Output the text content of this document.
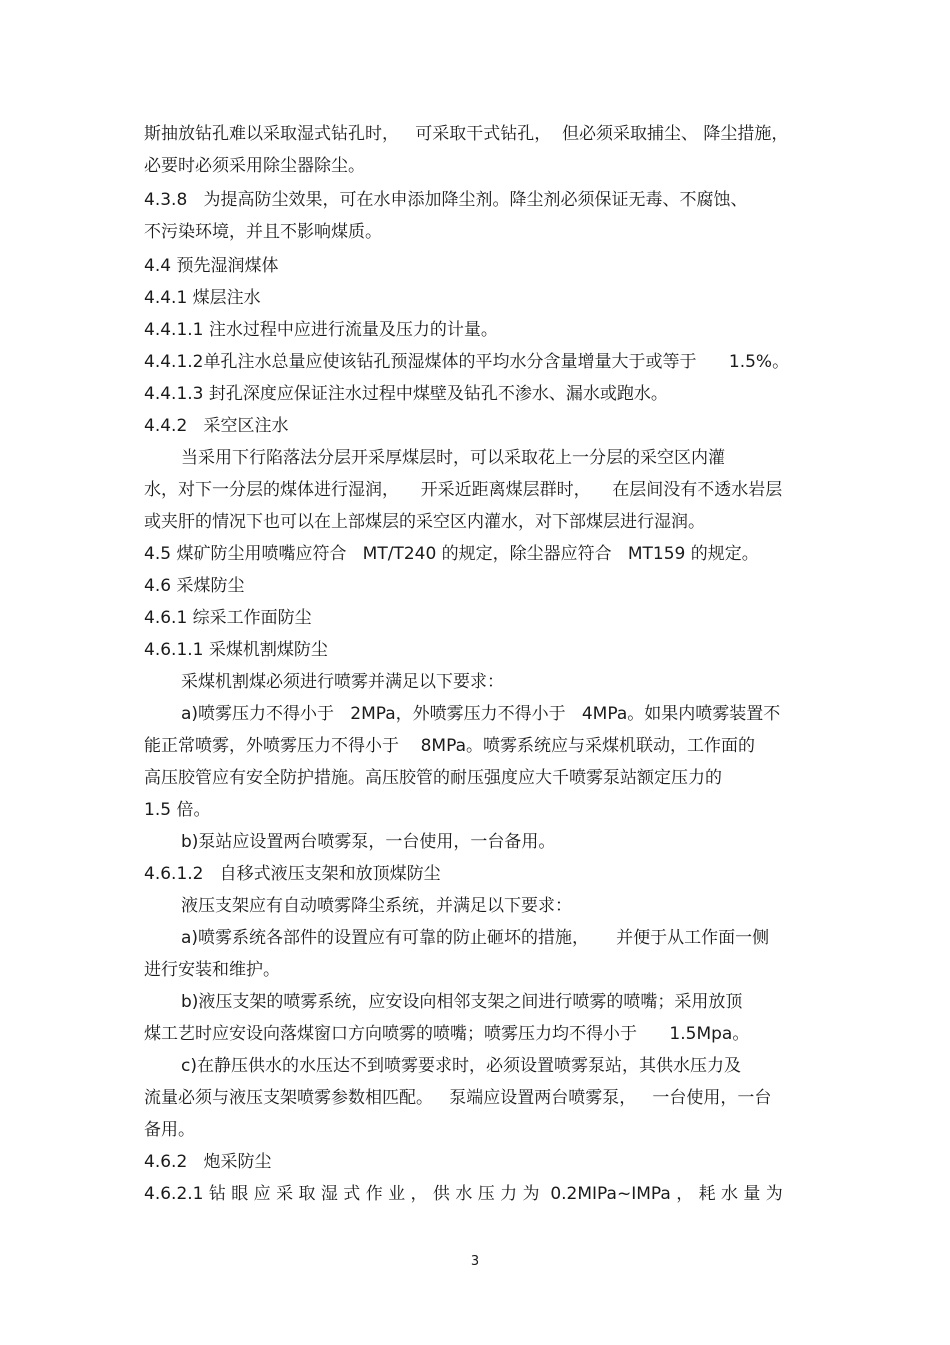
斯抽放钻孔难以采取湿式钻孔时，   可采取干式钻孔，  但必须采取捕尘、 降尘措施，
必要时必须采用除尘器除尘。
4.3.8   为提高防尘效果，可在水申添加降尘剂。降尘剂必须保证无毒、不腐蚀、
不污染环境，并且不影响煤质。
4.4 预先湿润煤体
4.4.1 煤层注水
4.4.1.1 注水过程中应进行流量及压力的计量。
4.4.1.2单孔注水总量应使该钻孔预湿煤体的平均水分含量增量大于或等于      1.5%。
4.4.1.3 封孔深度应保证注水过程中煤壁及钻孔不渗水、漏水或跑水。
4.4.2   采空区注水
当采用下行陷落法分层开采厚煤层时，可以采取花上一分层的采空区内灌
水，对下一分层的煤体进行湿润，    开采近距离煤层群时，    在层间没有不透水岩层
或夹肝的情况下也可以在上部煤层的采空区内灌水，对下部煤层进行湿润。
4.5 煤矿防尘用喷嘴应符合   MT/T240 的规定，除尘器应符合   MT159 的规定。
4.6 采煤防尘
4.6.1 综采工作面防尘
4.6.1.1 采煤机割煤防尘
采煤机割煤必须进行喷雾并满足以下要求：
a)喷雾压力不得小于   2MPa，外喷雾压力不得小于   4MPa。如果内喷雾装置不
能正常喷雾，外喷雾压力不得小于    8MPa。喷雾系统应与采煤机联动，工作面的
高压胶管应有安全防护措施。高压胶管的耐压强度应大千喷雾泵站额定压力的
1.5 倍。
b)泵站应设置两台喷雾泵，一台使用，一台备用。
4.6.1.2   自移式液压支架和放顶煤防尘
液压支架应有自动喷雾降尘系统，并满足以下要求：
a)喷雾系统各部件的设置应有可靠的防止砸坏的措施，     并便于从工作面一侧
进行安装和维护。
b)液压支架的喷雾系统，应安设向相邻支架之间进行喷雾的喷嘴；采用放顶
煤工艺时应安设向落煤窗口方向喷雾的喷嘴；喷雾压力均不得小于      1.5Mpa。
c)在静压供水的水压达不到喷雾要求时，必须设置喷雾泵站，其供水压力及
流量必须与液压支架喷雾参数相匹配。   泵端应设置两台喷雾泵，   一台使用，一台
备用。
4.6.2   炮采防尘
4.6.2.1 钻 眼 应 采 取 湿 式 作 业 ， 供 水 压 力 为  0.2MIPa~IMPa ， 耗 水 量 为
3
